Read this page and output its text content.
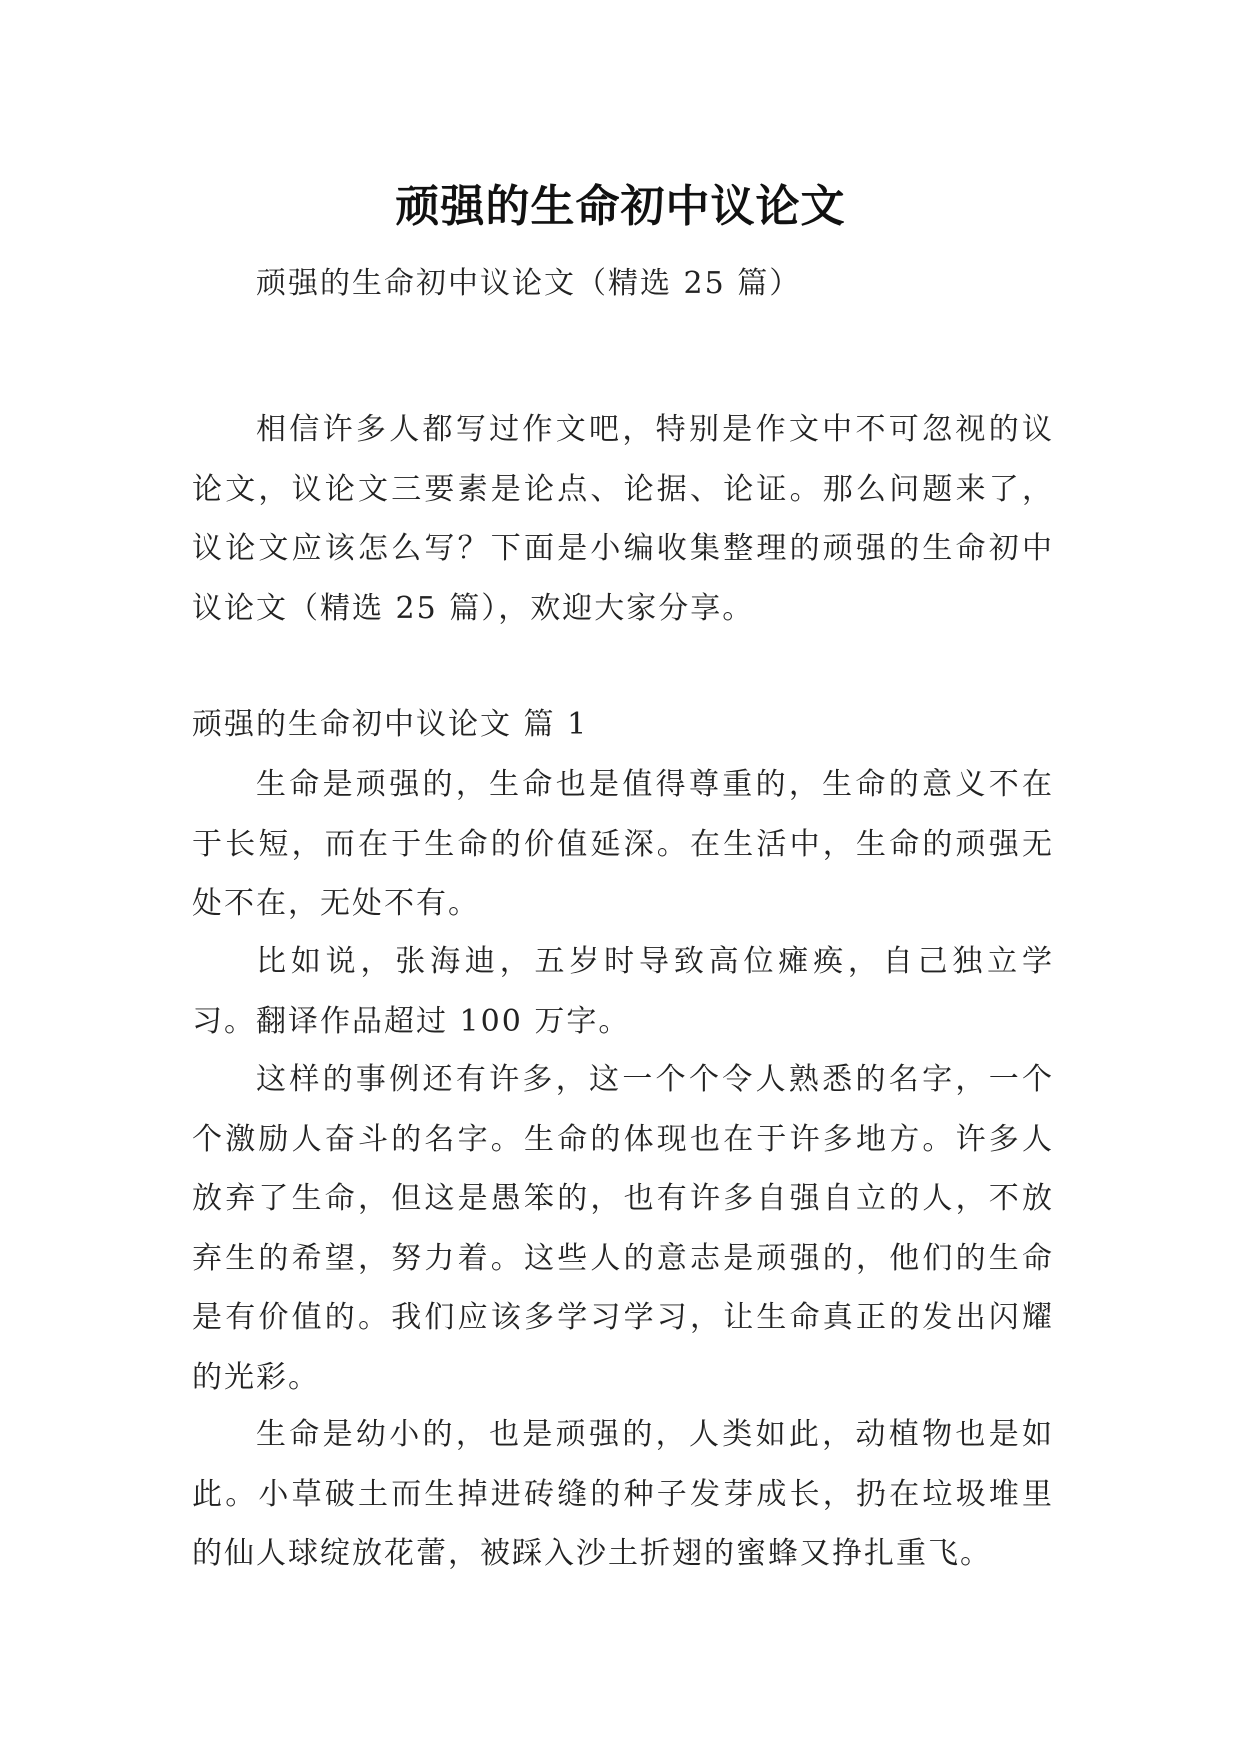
顽强的生命初中议论文

顽强的生命初中议论文（精选 25 篇）

相信许多人都写过作文吧，特别是作文中不可忽视的议论文，议论文三要素是论点、论据、论证。那么问题来了，议论文应该怎么写？下面是小编收集整理的顽强的生命初中议论文（精选 25 篇），欢迎大家分享。

顽强的生命初中议论文 篇 1

生命是顽强的，生命也是值得尊重的，生命的意义不在于长短，而在于生命的价值延深。在生活中，生命的顽强无处不在，无处不有。

比如说，张海迪，五岁时导致高位瘫痪，自己独立学习。翻译作品超过 100 万字。

这样的事例还有许多，这一个个令人熟悉的名字，一个个激励人奋斗的名字。生命的体现也在于许多地方。许多人放弃了生命，但这是愚笨的，也有许多自强自立的人，不放弃生的希望，努力着。这些人的意志是顽强的，他们的生命是有价值的。我们应该多学习学习，让生命真正的发出闪耀的光彩。

生命是幼小的，也是顽强的，人类如此，动植物也是如此。小草破土而生掉进砖缝的种子发芽成长，扔在垃圾堆里的仙人球绽放花蕾，被踩入沙土折翅的蜜蜂又挣扎重飞。
